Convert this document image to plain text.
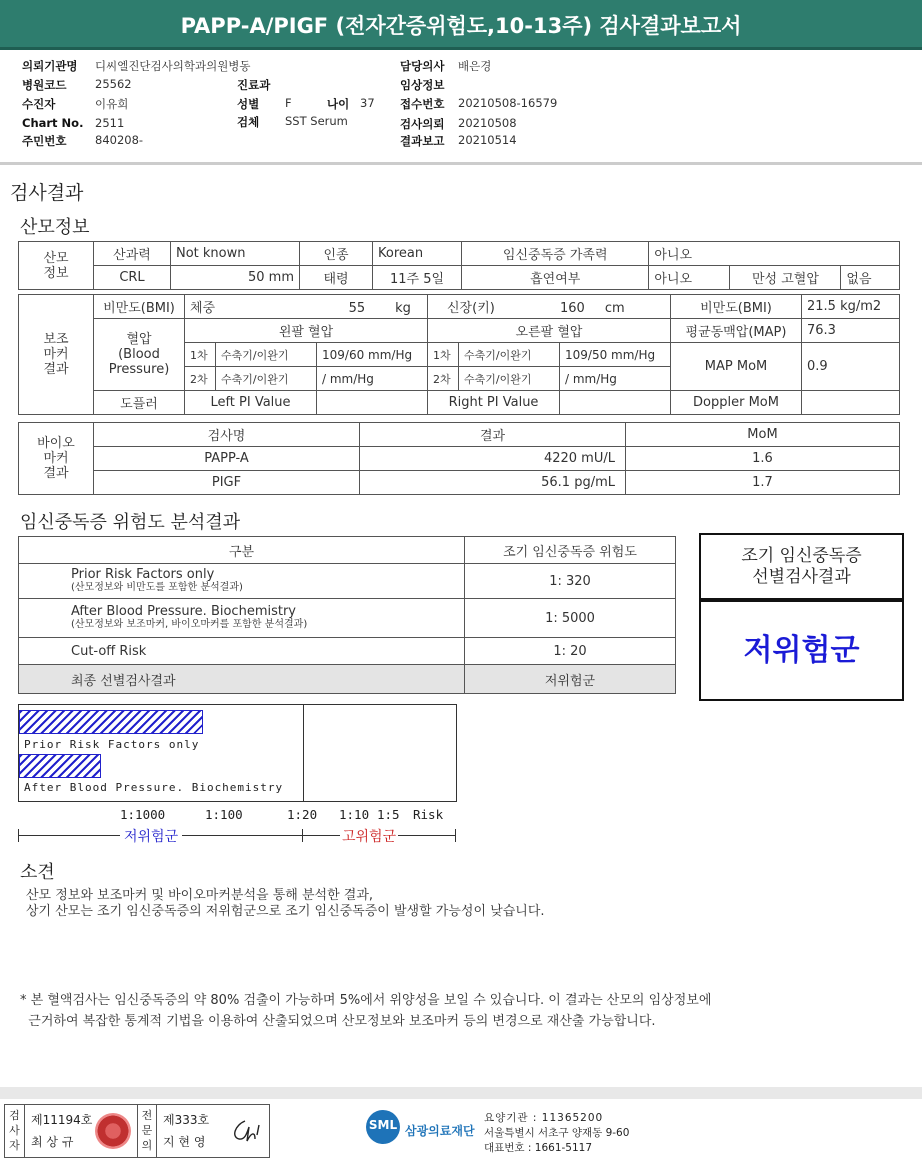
PAPP-A/PIGF (전자간증위험도,10-13주) 검사결과보고서
의뢰기관명 디씨엘진단검사의학과의원병동
병원코드 25562	진료과
수진자	이유희	성별 F	나이 37
Chart No. 2511	검체 SST Serum
주민번호 840208-
담당의사 배은경
임상정보
접수번호 20210508-16579
검사의뢰 20210508
결과보고 20210514
검사결과
산모정보
산모
정보	산과력	Not known	인종	Korean	임신중독증 가족력	아니오		
	CRL	50 mm	태령	11주 5일	흡연여부	아니오	만성 고혈압	없음
보조
마커
결과	비만도(BMI)	체중 55 kg			신장(키) 160 cm			비만도(BMI)	21.5 kg/m2
	혈압
(Blood
Pressure)	왼팔 혈압			오른팔 혈압			평균동맥압(MAP)	76.3
		1차	수축기/이완기	109/60 mm/Hg	1차	수축기/이완기	109/50 mm/Hg	MAP MoM	0.9
		2차	수축기/이완기	/ mm/Hg	2차	수축기/이완기	/ mm/Hg		
	도플러	Left PI Value			Right PI Value			Doppler MoM	
바이오
마커
결과	검사명	결과	MoM
	PAPP-A	4220 mU/L	1.6
	PIGF	56.1 pg/mL	1.7
임신중독증 위험도 분석결과
구분	조기 임신중독증 위험도

Prior Risk Factors only
(산모정보와 비만도를 포함한 분석결과)	1: 320

After Blood Pressure. Biochemistry
(산모정보와 보조마커, 바이오마커를 포함한 분석결과)	1: 5000
Cut-off Risk	1: 20
최종 선별검사결과	저위험군
조기 임신중독증
선별검사결과
저위험군
Prior Risk Factors only
After Blood Pressure. Biochemistry
1:1000	1:100	1:20 1:10 1:5 Risk
저위험군	고위험군
소견
산모 정보와 보조마커 및 바이오마커분석을 통해 분석한 결과,
상기 산모는 조기 임신중독증의 저위험군으로 조기 임신중독증이 발생할 가능성이 낮습니다.
* 본 혈액검사는 임신중독증의 약 80% 검출이 가능하며 5%에서 위양성을 보일 수 있습니다. 이 결과는 산모의 임상정보에
근거하여 복잡한 통계적 기법을 이용하여 산출되었으며 산모정보와 보조마커 등의 변경으로 재산출 가능합니다.
검
사
자
제11194호
최 상 규
전
문
의
제333호
지 현 영
SML 삼광의료재단
요양기관 : 11365200
서울특별시 서초구 양재동 9-60
대표번호 : 1661-5117
